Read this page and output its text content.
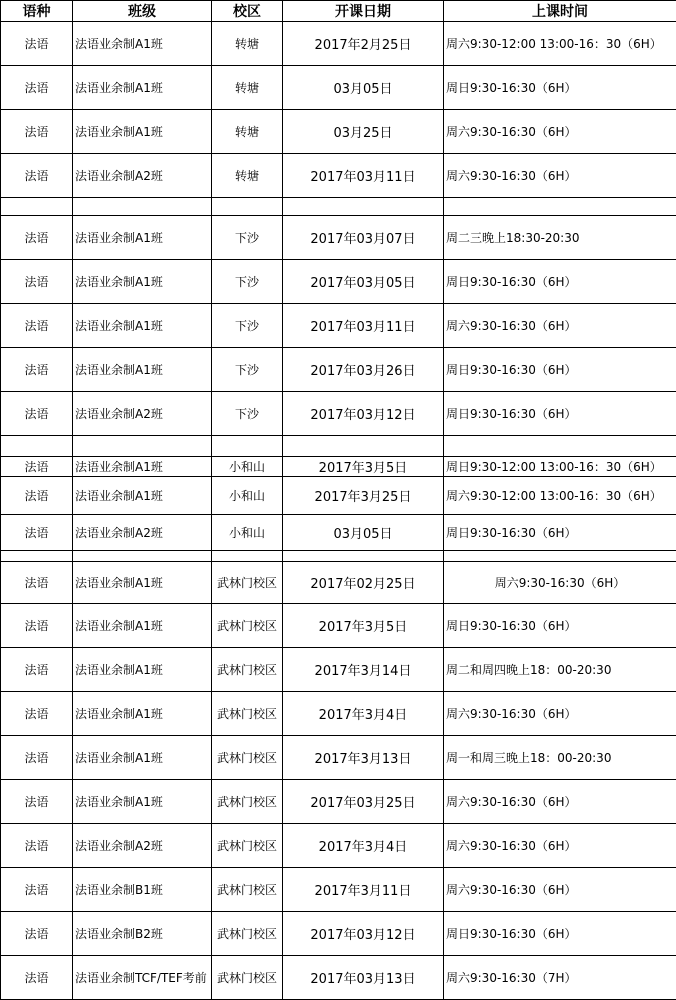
语种	班级	校区	开课日期	上课时间
法语	法语业余制A1班	转塘	2017年2月25日	周六9:30-12:00 13:00-16：30（6H）
法语	法语业余制A1班	转塘	03月05日	周日9:30-16:30（6H）
法语	法语业余制A1班	转塘	03月25日	周六9:30-16:30（6H）
法语	法语业余制A2班	转塘	2017年03月11日	周六9:30-16:30（6H）

法语	法语业余制A1班	下沙	2017年03月07日	周二三晚上18:30-20:30
法语	法语业余制A1班	下沙	2017年03月05日	周日9:30-16:30（6H）
法语	法语业余制A1班	下沙	2017年03月11日	周六9:30-16:30（6H）
法语	法语业余制A1班	下沙	2017年03月26日	周日9:30-16:30（6H）
法语	法语业余制A2班	下沙	2017年03月12日	周日9:30-16:30（6H）

法语	法语业余制A1班	小和山	2017年3月5日	周日9:30-12:00 13:00-16：30（6H）
法语	法语业余制A1班	小和山	2017年3月25日	周六9:30-12:00 13:00-16：30（6H）
法语	法语业余制A2班	小和山	03月05日	周日9:30-16:30（6H）

法语	法语业余制A1班	武林门校区	2017年02月25日	周六9:30-16:30（6H）
法语	法语业余制A1班	武林门校区	2017年3月5日	周日9:30-16:30（6H）
法语	法语业余制A1班	武林门校区	2017年3月14日	周二和周四晚上18：00-20:30
法语	法语业余制A1班	武林门校区	2017年3月4日	周六9:30-16:30（6H）
法语	法语业余制A1班	武林门校区	2017年3月13日	周一和周三晚上18：00-20:30
法语	法语业余制A1班	武林门校区	2017年03月25日	周六9:30-16:30（6H）
法语	法语业余制A2班	武林门校区	2017年3月4日	周六9:30-16:30（6H）
法语	法语业余制B1班	武林门校区	2017年3月11日	周六9:30-16:30（6H）
法语	法语业余制B2班	武林门校区	2017年03月12日	周日9:30-16:30（6H）
法语	法语业余制TCF/TEF考前	武林门校区	2017年03月13日	周六9:30-16:30（7H）
